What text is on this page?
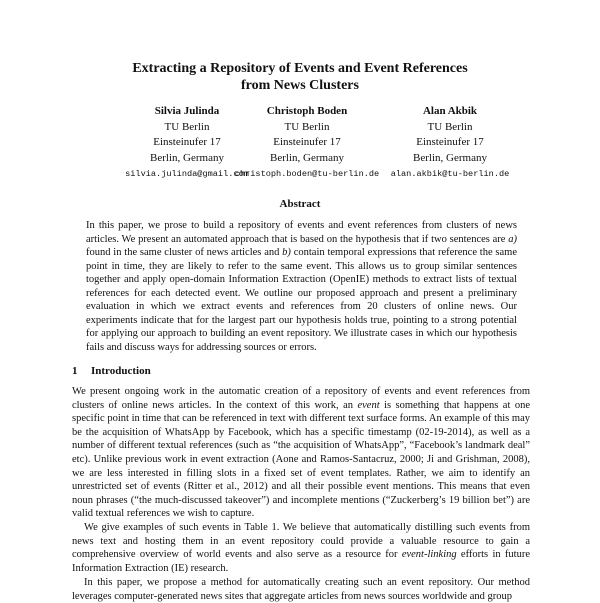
Extracting a Repository of Events and Event References
from News Clusters
Silvia Julinda
TU Berlin
Einsteinufer 17
Berlin, Germany
silvia.julinda@gmail.com
Christoph Boden
TU Berlin
Einsteinufer 17
Berlin, Germany
christoph.boden@tu-berlin.de
Alan Akbik
TU Berlin
Einsteinufer 17
Berlin, Germany
alan.akbik@tu-berlin.de
Abstract

In this paper, we prose to build a repository of events and event references from clusters of news articles. We present an automated approach that is based on the hypothesis that if two sentences are a) found in the same cluster of news articles and b) contain temporal expressions that reference the same point in time, they are likely to refer to the same event. This allows us to group similar sentences together and apply open-domain Information Extraction (OpenIE) methods to extract lists of textual references for each detected event. We outline our proposed approach and present a preliminary evaluation in which we extract events and references from 20 clusters of online news. Our experiments indicate that for the largest part our hypothesis holds true, pointing to a strong potential for applying our approach to building an event repository. We illustrate cases in which our hypothesis fails and discuss ways for addressing sources or errors.

1 Introduction

We present ongoing work in the automatic creation of a repository of events and event references from clusters of online news articles. In the context of this work, an event is something that happens at one specific point in time that can be referenced in text with different text surface forms. An example of this may be the acquisition of WhatsApp by Facebook, which has a specific timestamp (02-19-2014), as well as a number of different textual references (such as “the acquisition of WhatsApp”, “Facebook’s landmark deal” etc). Unlike previous work in event extraction (Aone and Ramos-Santacruz, 2000; Ji and Grishman, 2008), we are less interested in filling slots in a fixed set of event templates. Rather, we aim to identify an unrestricted set of events (Ritter et al., 2012) and all their possible event mentions. This means that even noun phrases (“the much-discussed takeover”) and incomplete mentions (“Zuckerberg’s 19 billion bet”) are valid textual references we wish to capture.

We give examples of such events in Table 1. We believe that automatically distilling such events from news text and hosting them in an event repository could provide a valuable resource to gain a comprehensive overview of world events and also serve as a resource for event-linking efforts in future Information Extraction (IE) research.

In this paper, we propose a method for automatically creating such an event repository. Our method leverages computer-generated news sites that aggregate articles from news sources worldwide and group
